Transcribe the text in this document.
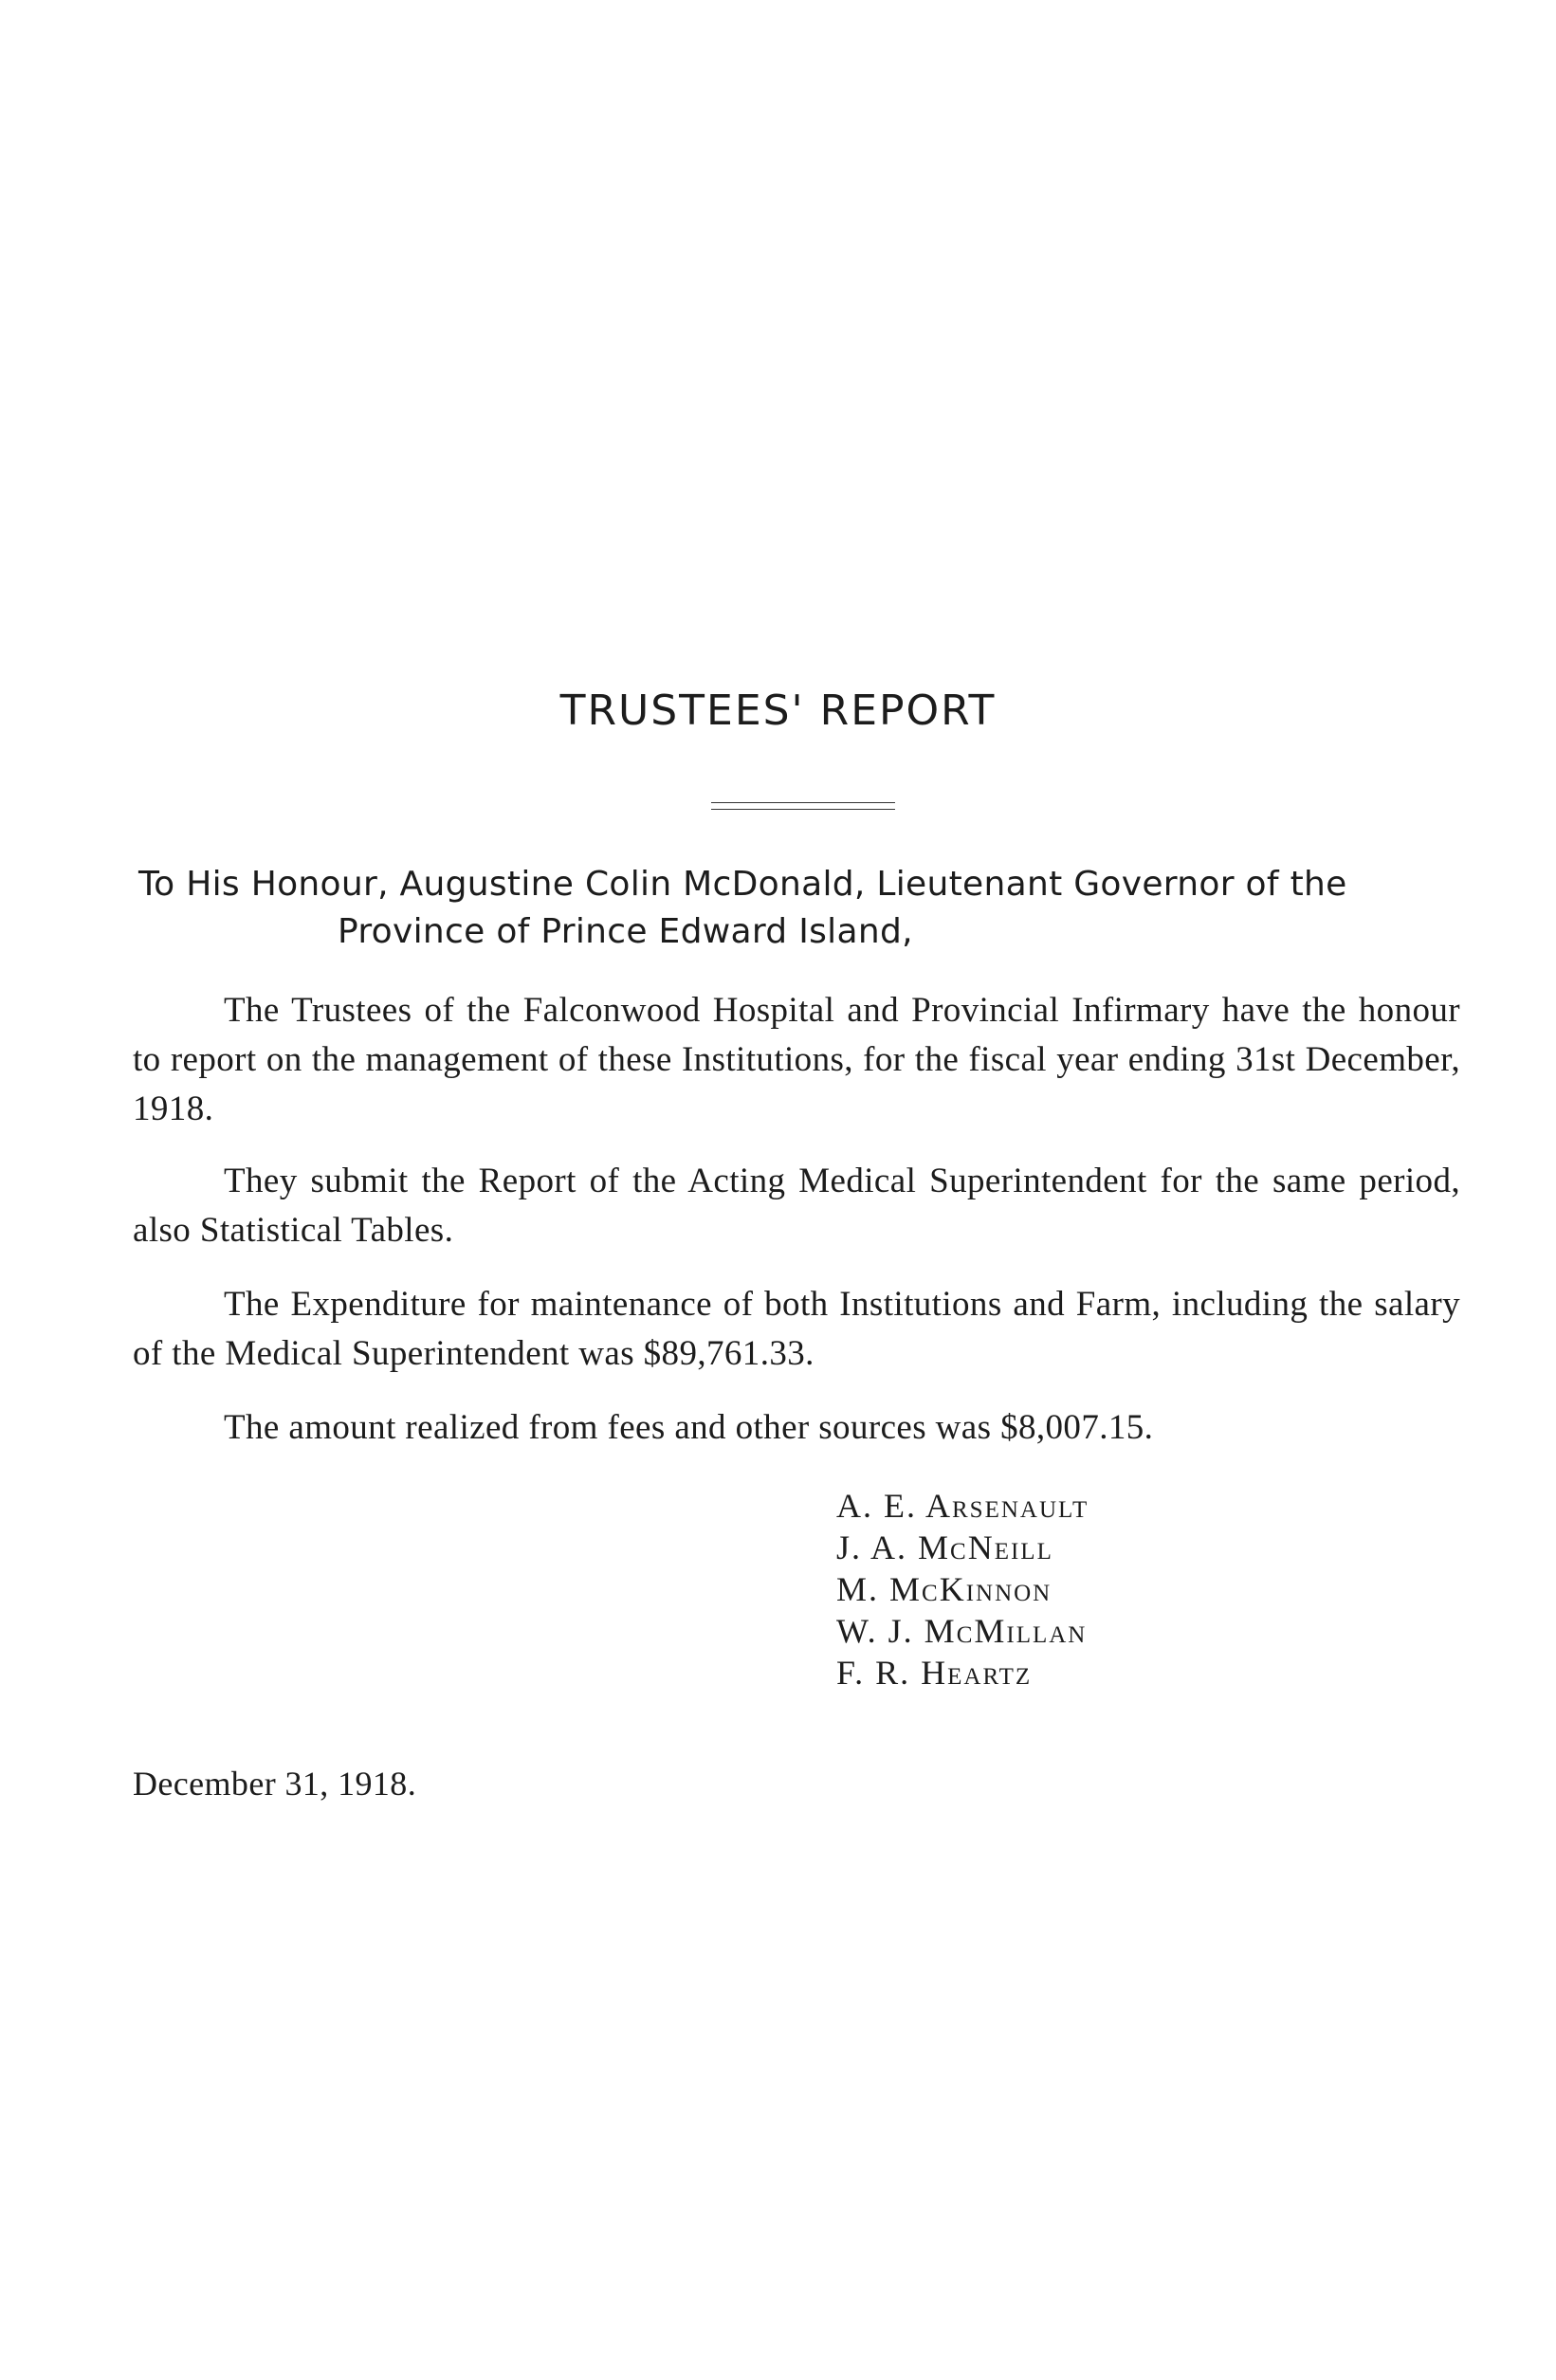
TRUSTEES' REPORT
To His Honour, Augustine Colin McDonald, Lieutenant Governor of the
Province of Prince Edward Island,

The Trustees of the Falconwood Hospital and Provincial Infirmary have the honour to report on the management of these Institutions, for the fiscal year ending 31st December, 1918.

They submit the Report of the Acting Medical Superintendent for the same period, also Statistical Tables.

The Expenditure for maintenance of both Institutions and Farm, including the salary of the Medical Superintendent was $89,761.33.

The amount realized from fees and other sources was $8,007.15.

A. E. Arsenault
J. A. McNeill
M. McKinnon
W. J. McMillan
F. R. Heartz
December 31, 1918.
